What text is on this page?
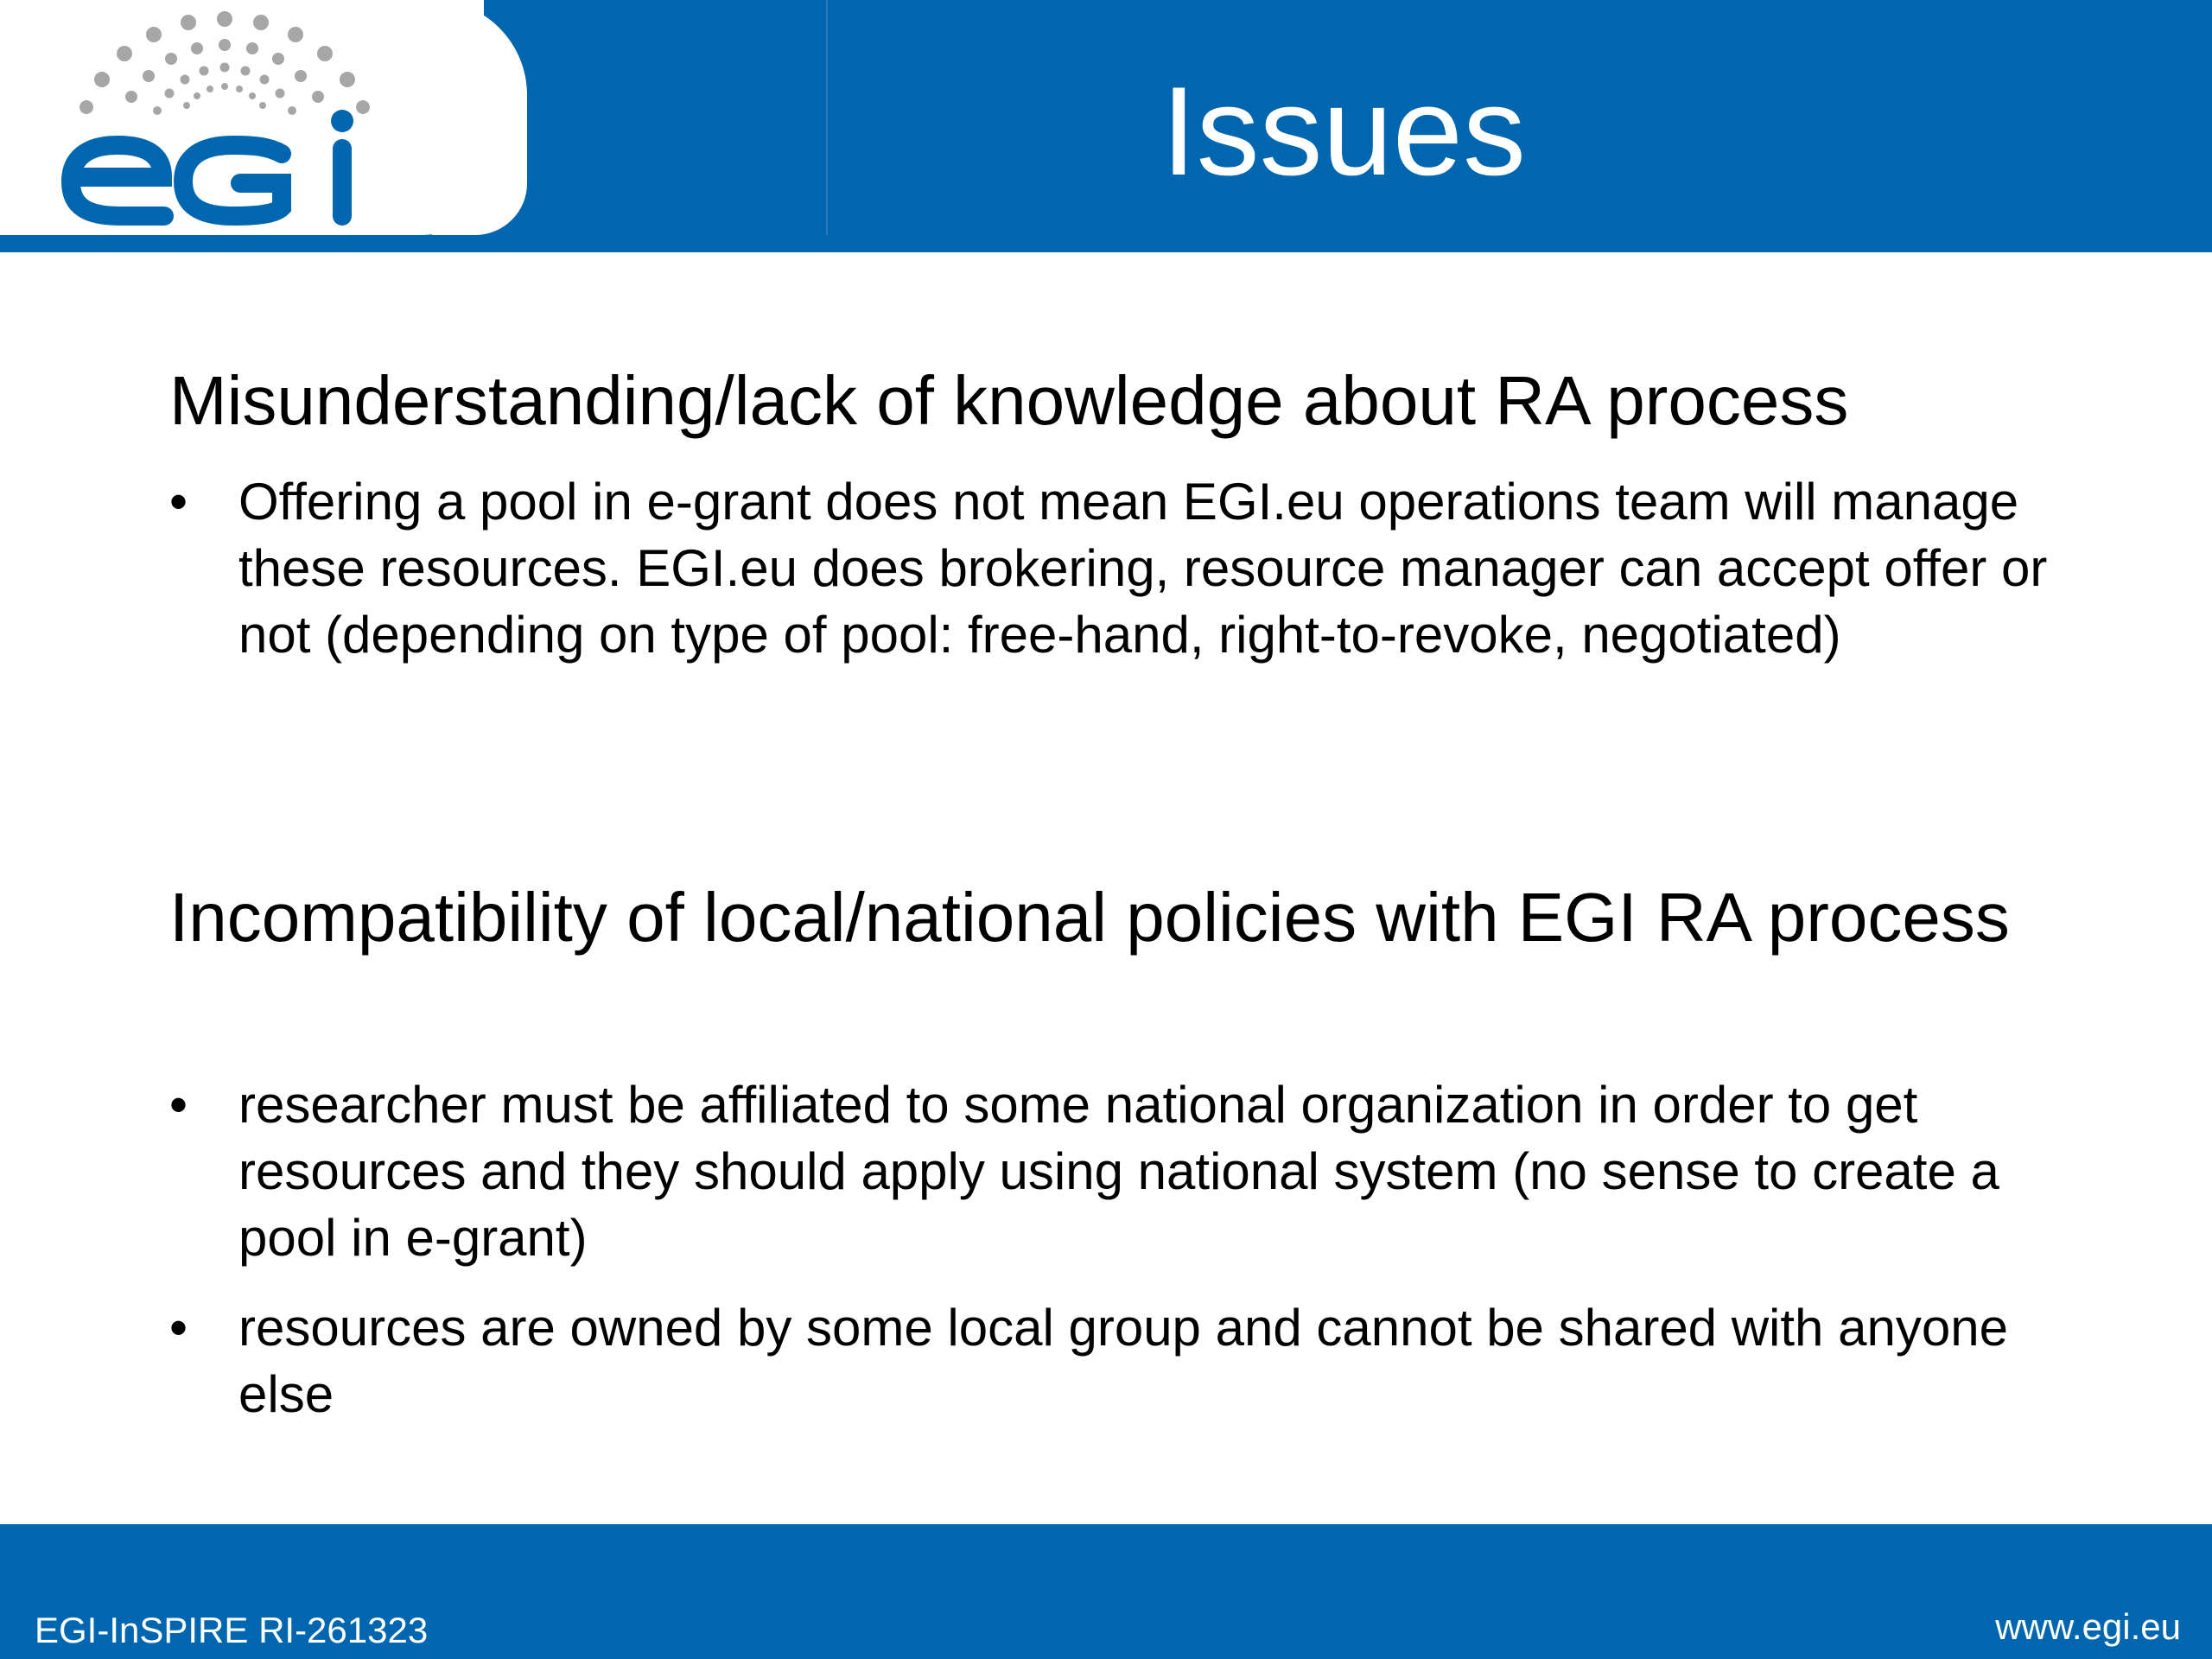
Issues
Misunderstanding/lack of knowledge about RA process
• Offering a pool in e-grant does not mean EGI.eu operations team will manage these resources. EGI.eu does brokering, resource manager can accept offer or not (depending on type of pool: free-hand, right-to-revoke, negotiated)
Incompatibility of local/national policies with EGI RA process
• researcher must be affiliated to some national organization in order to get resources and they should apply using national system (no sense to create a pool in e-grant)
• resources are owned by some local group and cannot be shared with anyone else
EGI-InSPIRE RI-261323	www.egi.eu
